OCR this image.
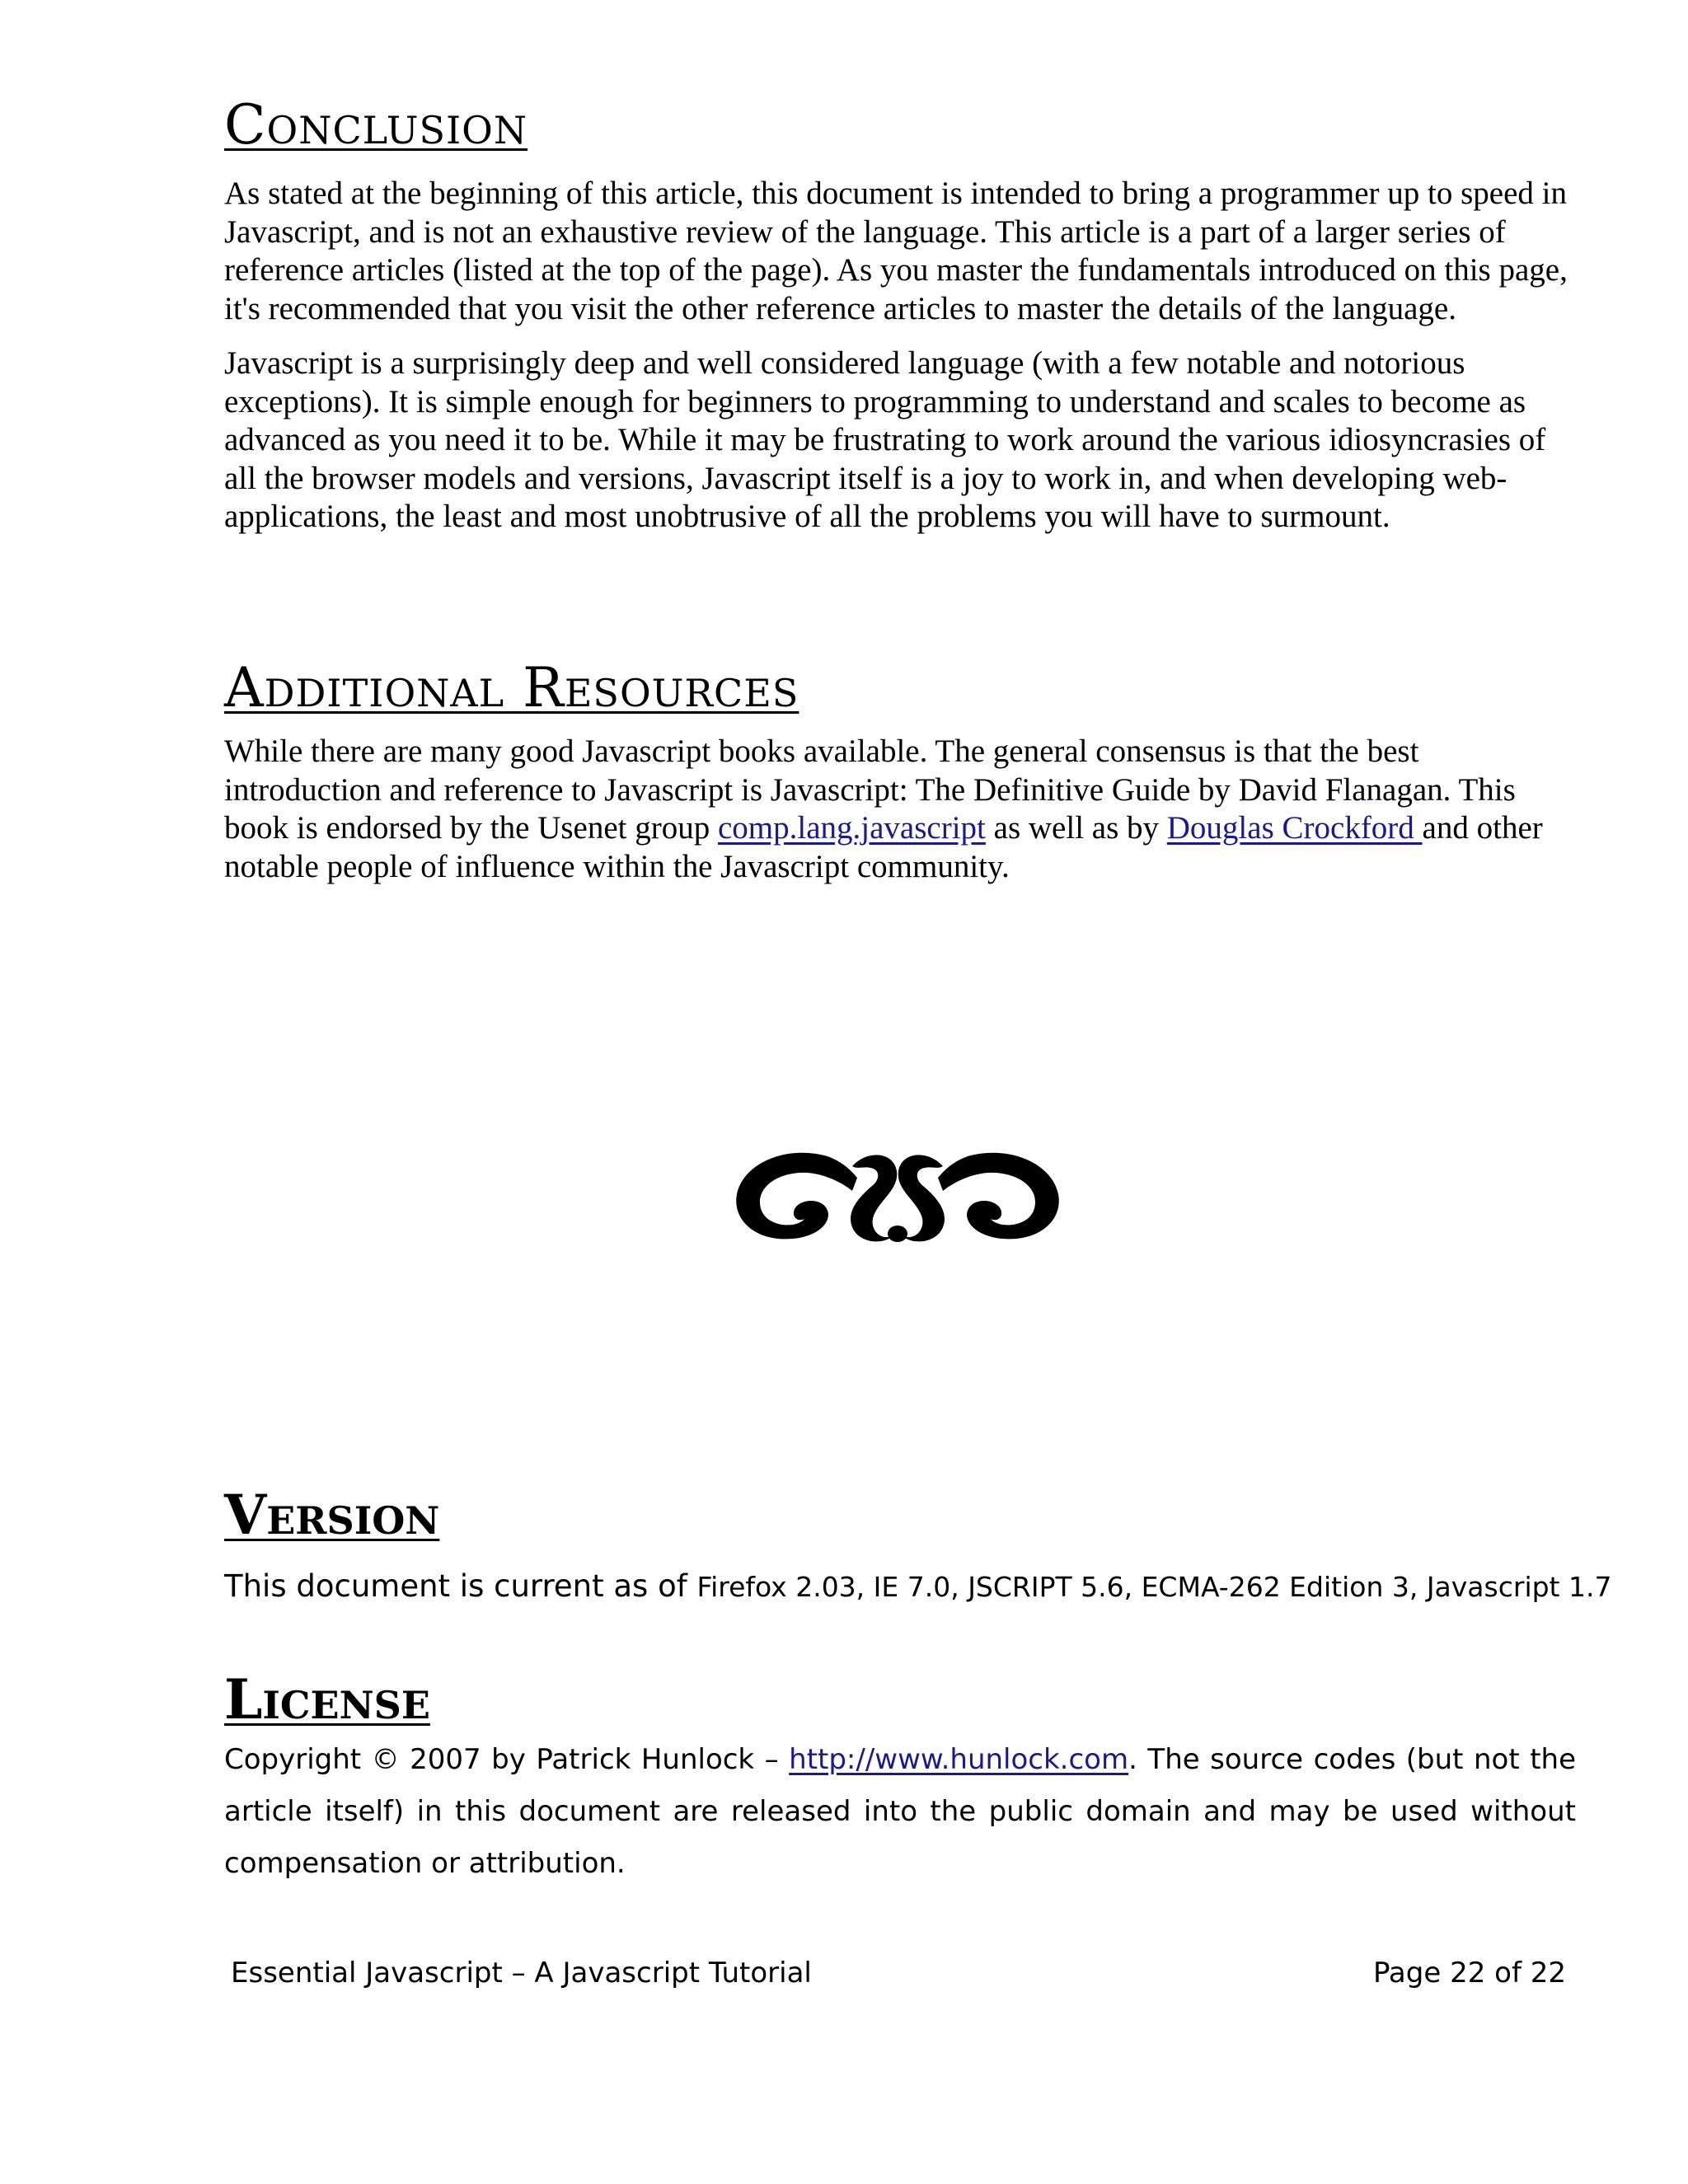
Conclusion

As stated at the beginning of this article, this document is intended to bring a programmer up to speed in Javascript, and is not an exhaustive review of the language. This article is a part of a larger series of reference articles (listed at the top of the page). As you master the fundamentals introduced on this page, it's recommended that you visit the other reference articles to master the details of the language.

Javascript is a surprisingly deep and well considered language (with a few notable and notorious exceptions). It is simple enough for beginners to programming to understand and scales to become as advanced as you need it to be. While it may be frustrating to work around the various idiosyncrasies of all the browser models and versions, Javascript itself is a joy to work in, and when developing web-applications, the least and most unobtrusive of all the problems you will have to surmount.

Additional Resources

While there are many good Javascript books available. The general consensus is that the best introduction and reference to Javascript is Javascript: The Definitive Guide by David Flanagan. This book is endorsed by the Usenet group comp.lang.javascript as well as by Douglas Crockford and other notable people of influence within the Javascript community.

Version
This document is current as of Firefox 2.03, IE 7.0, JSCRIPT 5.6, ECMA-262 Edition 3, Javascript 1.7
License

Copyright © 2007 by Patrick Hunlock – http://www.hunlock.com. The source codes (but not the article itself) in this document are released into the public domain and may be used without compensation or attribution.

Essential Javascript – A Javascript Tutorial	Page 22 of 22
